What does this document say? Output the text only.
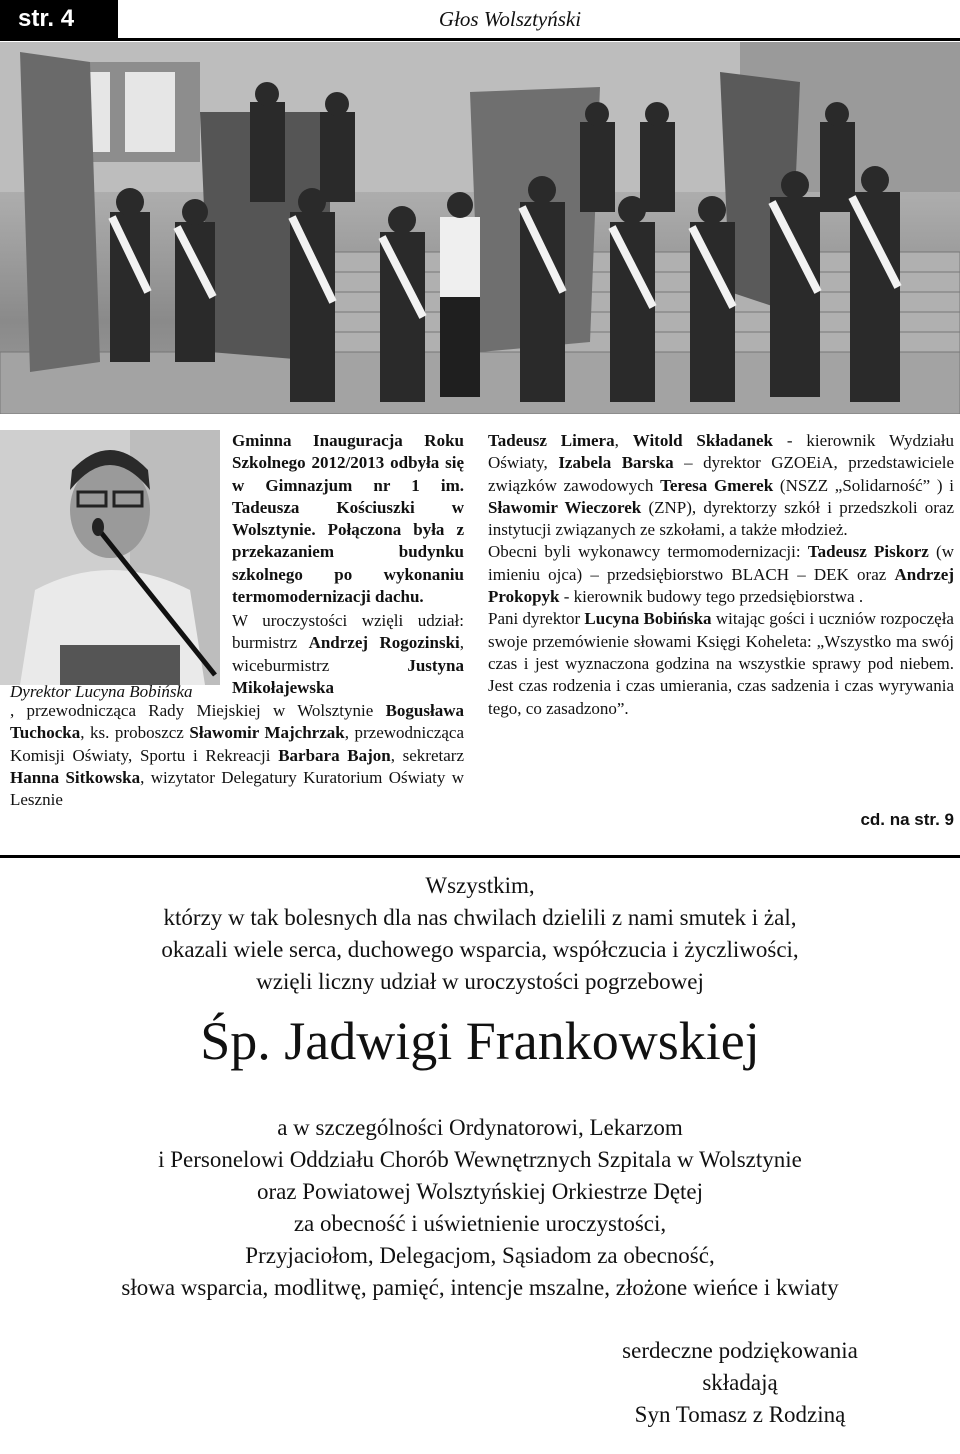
Głos Wolsztyński
str. 4
Dyrektor Lucyna Bobińska

Gminna Inauguracja Roku Szkolnego 2012/2013 odbyła się w Gimnazjum nr 1 im. Tadeusza Kościuszki w Wolsztynie. Połączona była z przekazaniem budynku szkolnego po wykonaniu termomodernizacji dachu.

W uroczystości wzięli udział: burmistrz Andrzej Rogozinski, wiceburmistrz Justyna Mikołajewska
, przewodnicząca Rady Miejskiej w Wolsztynie Bogusława Tuchocka, ks. proboszcz Sławomir Majchrzak, przewodnicząca Komisji Oświaty, Sportu i Rekreacji Barbara Bajon, sekretarz Hanna Sitkowska, wizytator Delegatury Kuratorium Oświaty w Lesznie

Tadeusz Limera, Witold Składanek - kierownik Wydziału Oświaty, Izabela Barska – dyrektor GZOEiA, przedstawiciele związków zawodowych Teresa Gmerek (NSZZ „Solidarność” ) i Sławomir Wieczorek (ZNP), dyrektorzy szkół i przedszkoli oraz instytucji związanych ze szkołami, a także młodzież.

Obecni byli wykonawcy termomodernizacji: Tadeusz Piskorz (w imieniu ojca) – przedsiębiorstwo BLACH – DEK oraz Andrzej Prokopyk - kierownik budowy tego przedsiębiorstwa .

Pani dyrektor Lucyna Bobińska witając gości i uczniów rozpoczęła swoje przemówienie słowami Księgi Koheleta: „Wszystko ma swój czas i jest wyznaczona godzina na wszystkie sprawy pod niebem. Jest czas rodzenia i czas umierania, czas sadzenia i czas wyrywania tego, co zasadzono”.

cd. na str. 9
Wszystkim,
którzy w tak bolesnych dla nas chwilach dzielili z nami smutek i żal,
okazali wiele serca, duchowego wsparcia, współczucia i życzliwości,
wzięli liczny udział w uroczystości pogrzebowej
Śp. Jadwigi Frankowskiej
a w szczególności Ordynatorowi, Lekarzom
i Personelowi Oddziału Chorób Wewnętrznych Szpitala w Wolsztynie
oraz Powiatowej Wolsztyńskiej Orkiestrze Dętej
za obecność i uświetnienie uroczystości,
Przyjaciołom, Delegacjom, Sąsiadom za obecność,
słowa wsparcia, modlitwę, pamięć, intencje mszalne, złożone wieńce i kwiaty
serdeczne podziękowania
składają
Syn Tomasz z Rodziną
